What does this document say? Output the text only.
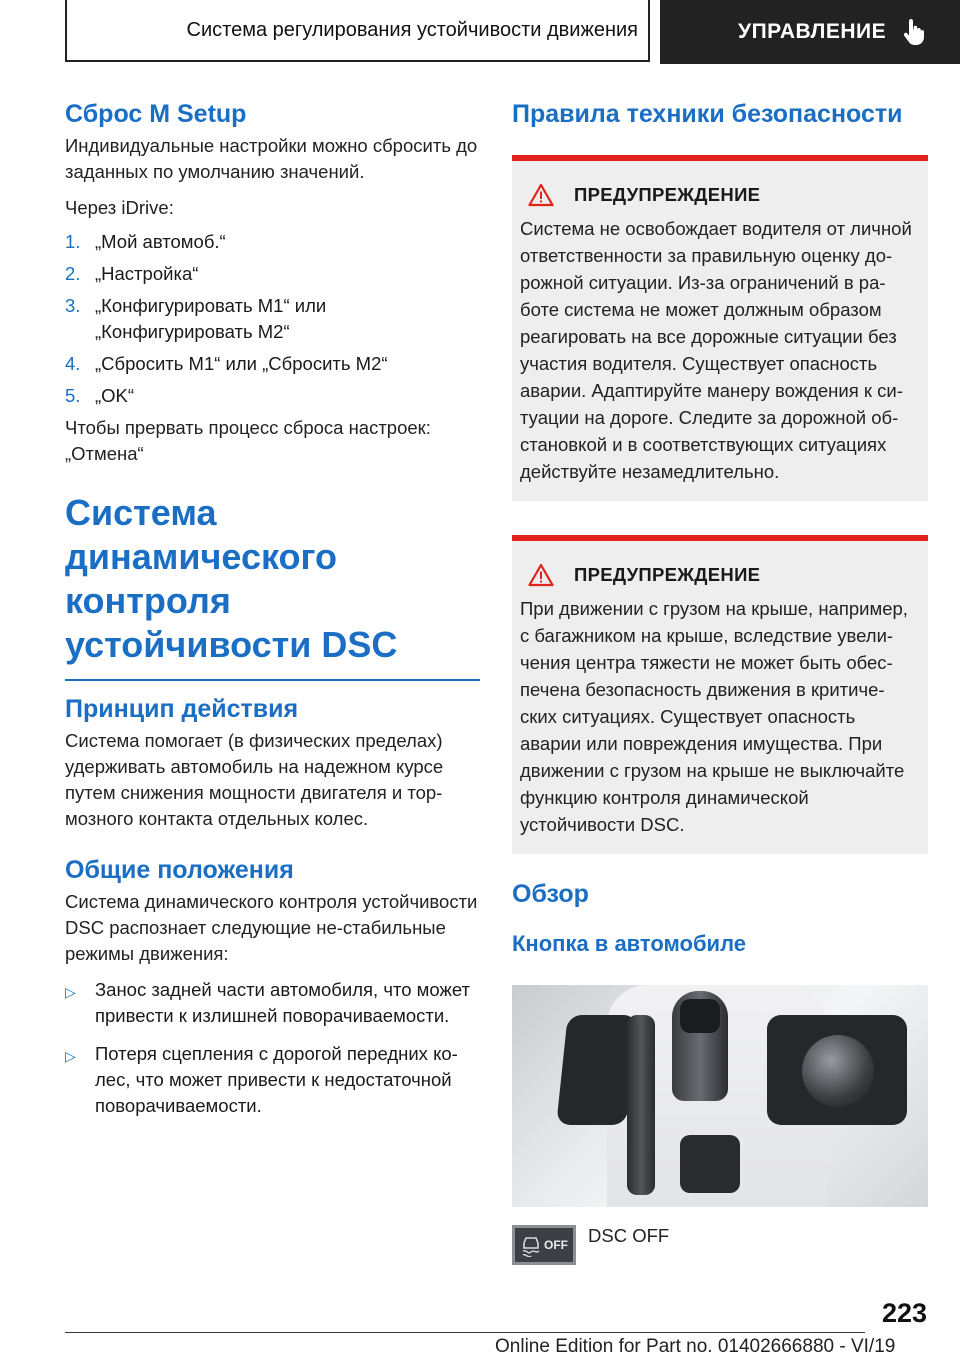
Система регулирования устойчивости движения	УПРАВЛЕНИЕ
Сброс M Setup

Индивидуальные настройки можно сбросить до заданных по умолчанию значений.

Через iDrive:

1. „Мой автомоб.“
2. „Настройка“
3. „Конфигурировать M1“ или „Конфигурировать M2“
4. „Сбросить M1“ или „Сбросить M2“
5. „OK“

Чтобы прервать процесс сброса настроек: „Отмена“

Система динамического контроля устойчивости DSC
Принцип действия

Система помогает (в физических пределах) удерживать автомобиль на надежном курсе путем снижения мощности двигателя и тор-мозного контакта отдельных колес.

Общие положения

Система динамического контроля устойчивости DSC распознает следующие не-стабильные режимы движения:

▷	Занос задней части автомобиля, что может привести к излишней поворачиваемости.
▷	Потеря сцепления с дорогой передних ко-лес, что может привести к недостаточной поворачиваемости.
Правила техники безопасности
ПРЕДУПРЕЖДЕНИЕ

Система не освобождает водителя от личной ответственности за правильную оценку до-рожной ситуации. Из-за ограничений в ра-боте система не может должным образом реагировать на все дорожные ситуации без участия водителя. Существует опасность аварии. Адаптируйте манеру вождения к си-туации на дороге. Следите за дорожной об-становкой и в соответствующих ситуациях действуйте незамедлительно.

ПРЕДУПРЕЖДЕНИЕ

При движении с грузом на крыше, например, с багажником на крыше, вследствие увели-чения центра тяжести не может быть обес-печена безопасность движения в критиче-ских ситуациях. Существует опасность аварии или повреждения имущества. При движении с грузом на крыше не выключайте функцию контроля динамической устойчивости DSC.

Обзор
Кнопка в автомобиле
OFF DSC OFF
223
Online Edition for Part no. 01402666880 - VI/19
